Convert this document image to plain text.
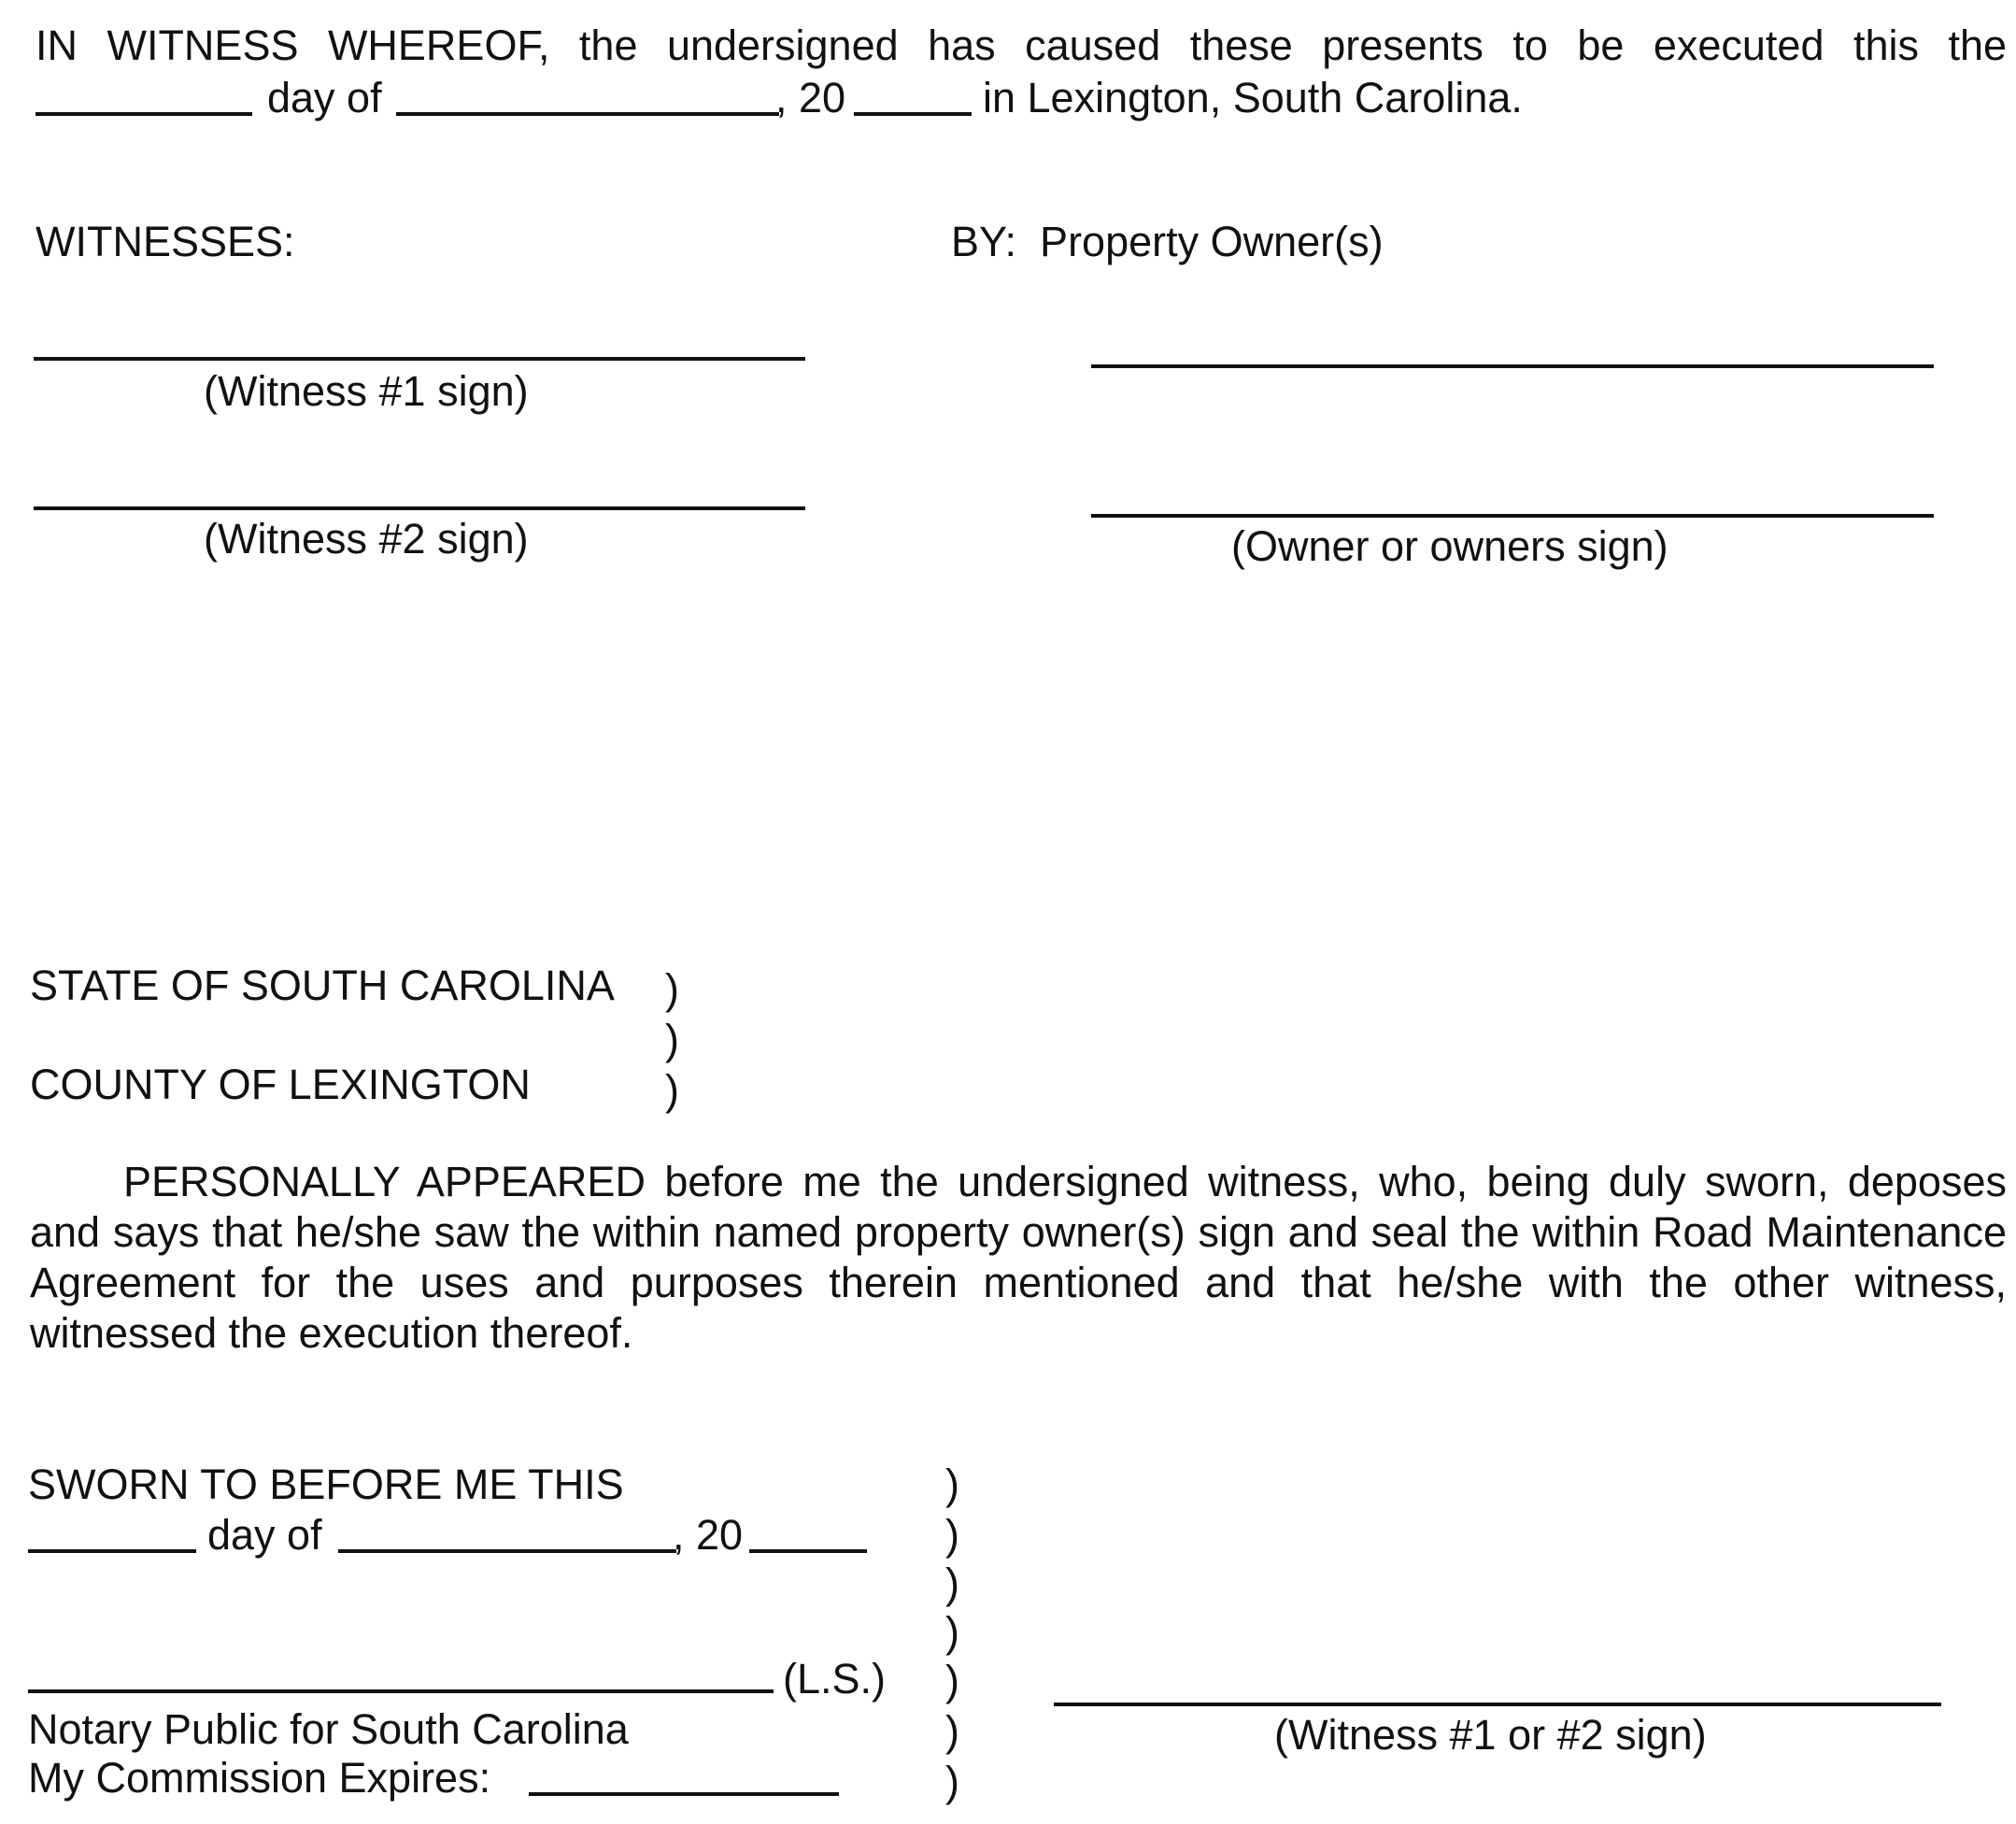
IN WITNESS WHEREOF, the undersigned has caused these presents to be executed this the
day of	, 20	in Lexington, South Carolina.
WITNESSES:	BY:  Property Owner(s)
(Witness #1 sign)
(Witness #2 sign)	(Owner or owners sign)
STATE OF SOUTH CAROLINA )
)
COUNTY OF LEXINGTON	)
PERSONALLY APPEARED before me the undersigned witness, who, being duly sworn, deposes and says that he/she saw the within named property owner(s) sign and seal the within Road Maintenance Agreement for the uses and purposes therein mentioned and that he/she with the other witness, witnessed the execution thereof.
SWORN TO BEFORE ME THIS
day of	, 20
(L.S.)
Notary Public for South Carolina
My Commission Expires:
)
)
)
)
)
)
)
(Witness #1 or #2 sign)
